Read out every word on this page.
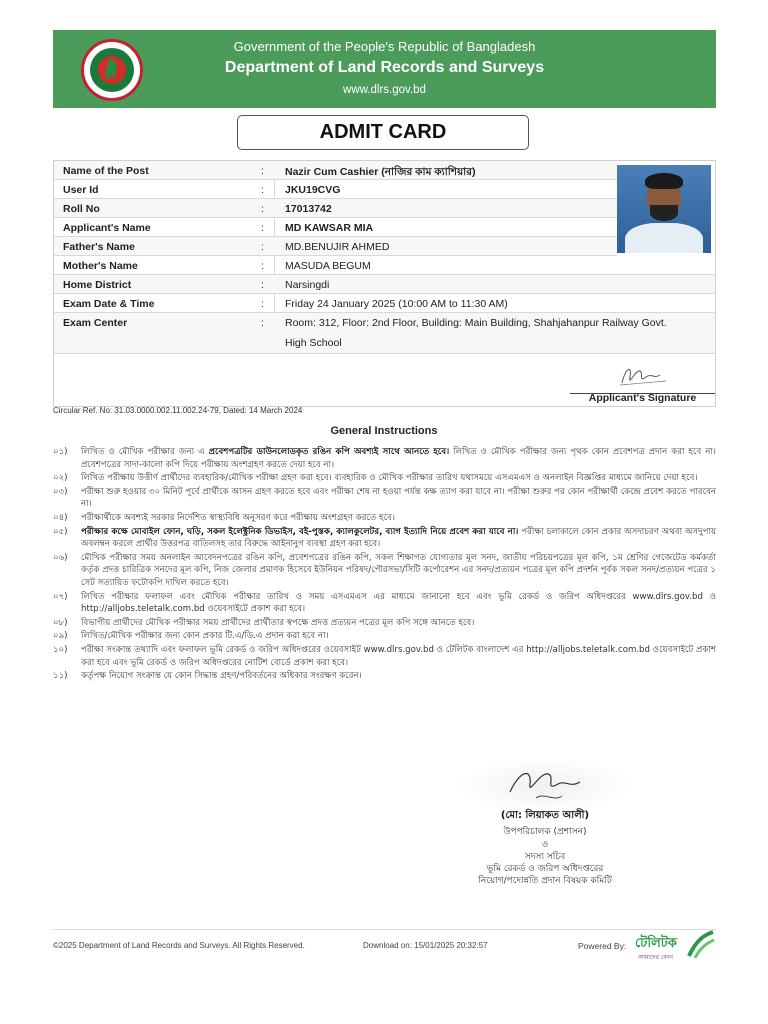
Government of the People's Republic of Bangladesh
Department of Land Records and Surveys
www.dlrs.gov.bd
ADMIT CARD
Name of the Post	: Nazir Cum Cashier (নাজির কাম ক্যাশিয়ার)
User Id	: JKU19CVG
Roll No	: 17013742
Applicant's Name	: MD KAWSAR MIA
Father's Name	: MD.BENUJIR AHMED
Mother's Name	: MASUDA BEGUM
Home District	: Narsingdi
Exam Date & Time	: Friday 24 January 2025 (10:00 AM to 11:30 AM)
Exam Center	: Room: 312, Floor: 2nd Floor, Building: Main Building, Shahjahanpur Railway Govt.
High School
Applicant's Signature
Circular Ref. No: 31.03.0000.002.11.002.24-79, Dated: 14 March 2024
General Instructions
০১) লিখিত ও মৌখিক পরীক্ষার জন্য এ প্রবেশপত্রটির ডাউনলোডকৃত রঙিন কপি অবশ্যই সাথে আনতে হবে। লিখিত ও মৌখিক পরীক্ষার জন্য পৃথক কোন প্রবেশপত্র প্রদান করা হবে না। প্রবেশপত্রের সাদা-কালো কপি দিয়ে পরীক্ষায় অংশগ্রহণ করতে দেয়া হবে না।
০২) লিখিত পরীক্ষায় উত্তীর্ণ প্রার্থীদের ব্যবহারিক/মৌখিক পরীক্ষা গ্রহণ করা হবে। ব্যবহারিক ও মৌখিক পরীক্ষার তারিখ যথাসময়ে এসএমএস ও অনলাইন বিজ্ঞপ্তির মাধ্যমে জানিয়ে দেয়া হবে।
০৩) পরীক্ষা শুরু হওয়ার ৩০ মিনিট পূর্বে প্রার্থীকে আসন গ্রহণ করতে হবে এবং পরীক্ষা শেষ না হওয়া পর্যন্ত কক্ষ ত্যাগ করা যাবে না। পরীক্ষা শুরুর পর কোন পরীক্ষার্থী কেন্দ্রে প্রবেশ করতে পারবেন না।
০৪) পরীক্ষার্থীকে অবশ্যই সরকার নির্দেশিত স্বাস্থ্যবিধি অনুসরণ করে পরীক্ষায় অংশগ্রহণ করতে হবে।
০৫) পরীক্ষার কক্ষে মোবাইল ফোন, ঘড়ি, সকল ইলেক্ট্রনিক ডিভাইস, বই-পুস্তক, ক্যালকুলেটর, ব্যাগ ইত্যাদি নিয়ে প্রবেশ করা যাবে না। পরীক্ষা চলাকালে কোন প্রকার অসদাচরণ অথবা অসদুপায় অবলম্বন করলে প্রার্থীর উত্তরপত্র বাতিলসহ তার বিরুদ্ধে আইনানুগ ব্যবস্থা গ্রহণ করা হবে।
০৬) মৌখিক পরীক্ষার সময় অনলাইন আবেদনপত্রের রঙিন কপি, প্রবেশপত্রের রঙিন কপি, সকল শিক্ষাগত যোগ্যতার মূল সনদ, জাতীয় পরিচয়পত্রের মূল কপি, ১ম শ্রেণির গেজেটেড কর্মকর্তা কর্তৃক প্রদত্ত চারিত্রিক সনদের মূল কপি, নিজ জেলার প্রমাণক হিসেবে ইউনিয়ন পরিষদ/পৌরসভা/সিটি কর্পোরেশন এর সনদ/প্রত্যয়ন পত্রের মূল কপি প্রদর্শন পূর্বক সকল সনদ/প্রত্যয়ন পত্রের ১ সেট সত্যায়িত ফটোকপি দাখিল করতে হবে।
০৭) লিখিত পরীক্ষার ফলাফল এবং মৌখিক পরীক্ষার তারিখ ও সময় এসএমএস এর মাধ্যমে জানানো হবে এবং ভূমি রেকর্ড ও জরিপ অধিদপ্তরের www.dlrs.gov.bd ও http://alljobs.teletalk.com.bd ওয়েবসাইটে প্রকাশ করা হবে।
০৮) বিভাগীয় প্রার্থীদের মৌখিক পরীক্ষার সময় প্রার্থীদের প্রার্থীতার স্বপক্ষে প্রদত্ত প্রত্যয়ন পত্রের মূল কপি সঙ্গে আনতে হবে।
০৯) লিখিত/মৌখিক পরীক্ষার জন্য কোন প্রকার টি.এ/ডি.এ প্রদান করা হবে না।
১০) পরীক্ষা সংক্রান্ত তথ্যাদি এবং ফলাফল ভূমি রেকর্ড ও জরিপ অধিদপ্তরের ওয়েবসাইট www.dlrs.gov.bd ও টেলিটক বাংলাদেশ এর http://alljobs.teletalk.com.bd ওয়েবসাইটে প্রকাশ করা হবে এবং ভূমি রেকর্ড ও জরিপ অধিদপ্তরের নোটিশ বোর্ডে প্রকাশ করা হবে।
১১) কর্তৃপক্ষ নিয়োগ সংক্রান্ত যে কোন সিদ্ধান্ত গ্রহণ/পরিবর্তনের অধিকার সংরক্ষণ করেন।
(মো: লিয়াকত আলী)
উপপরিচালক (প্রশাসন)
ও
সদস্য সচিব
ভূমি রেকর্ড ও জরিপ অধিদপ্তরের
নিয়োগ/পদোন্নতি প্রদান বিষয়ক কমিটি
©2025 Department of Land Records and Surveys. All Rights Reserved.	Download on: 15/01/2025 20:32:57	Powered By: টেলিটক
আমাদের ফোন
